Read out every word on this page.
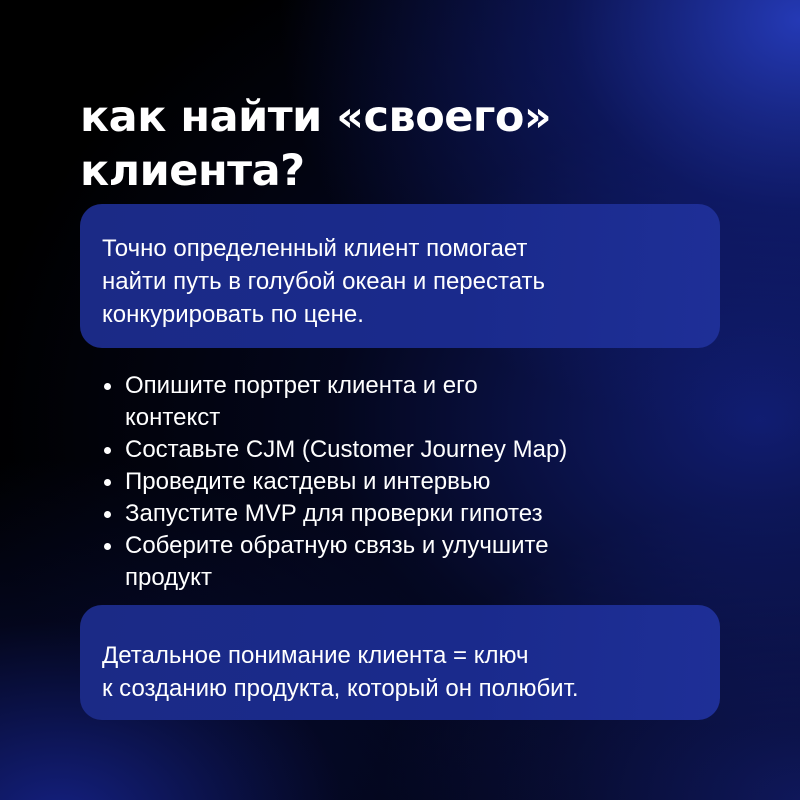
как найти «своего»
клиента?
Точно определенный клиент помогает
найти путь в голубой океан и перестать
конкурировать по цене.
Опишите портрет клиента и его
контекст
Составьте CJM (Customer Journey Map)
Проведите кастдевы и интервью
Запустите MVP для проверки гипотез
Соберите обратную связь и улучшите
продукт
Детальное понимание клиента = ключ
к созданию продукта, который он полюбит.
